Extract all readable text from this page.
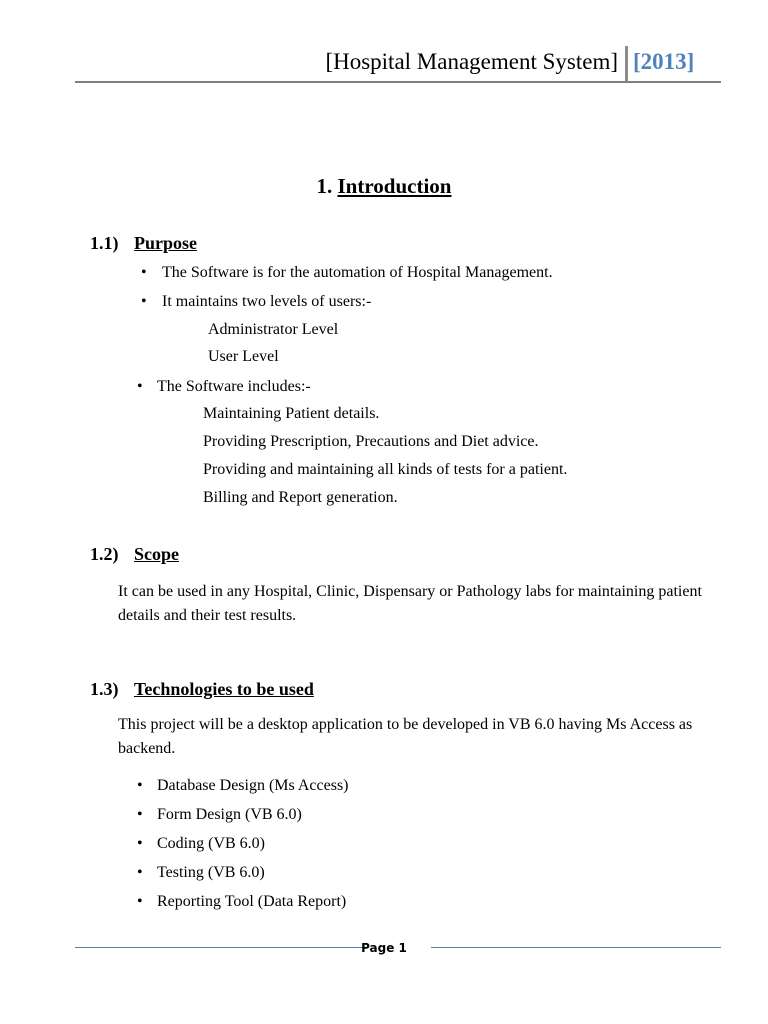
[Hospital Management System] [2013]
1. Introduction
1.1) Purpose
• The Software is for the automation of Hospital Management.
• It maintains two levels of users:-
Administrator Level
User Level
• The Software includes:-
Maintaining Patient details.
Providing Prescription, Precautions and Diet advice.
Providing and maintaining all kinds of tests for a patient.
Billing and Report generation.
1.2) Scope
It can be used in any Hospital, Clinic, Dispensary or Pathology labs for maintaining patient details and their test results.
1.3) Technologies to be used
This project will be a desktop application to be developed in VB 6.0 having Ms Access as backend.
• Database Design (Ms Access)
• Form Design (VB 6.0)
• Coding (VB 6.0)
• Testing (VB 6.0)
• Reporting Tool (Data Report)
Page 1
